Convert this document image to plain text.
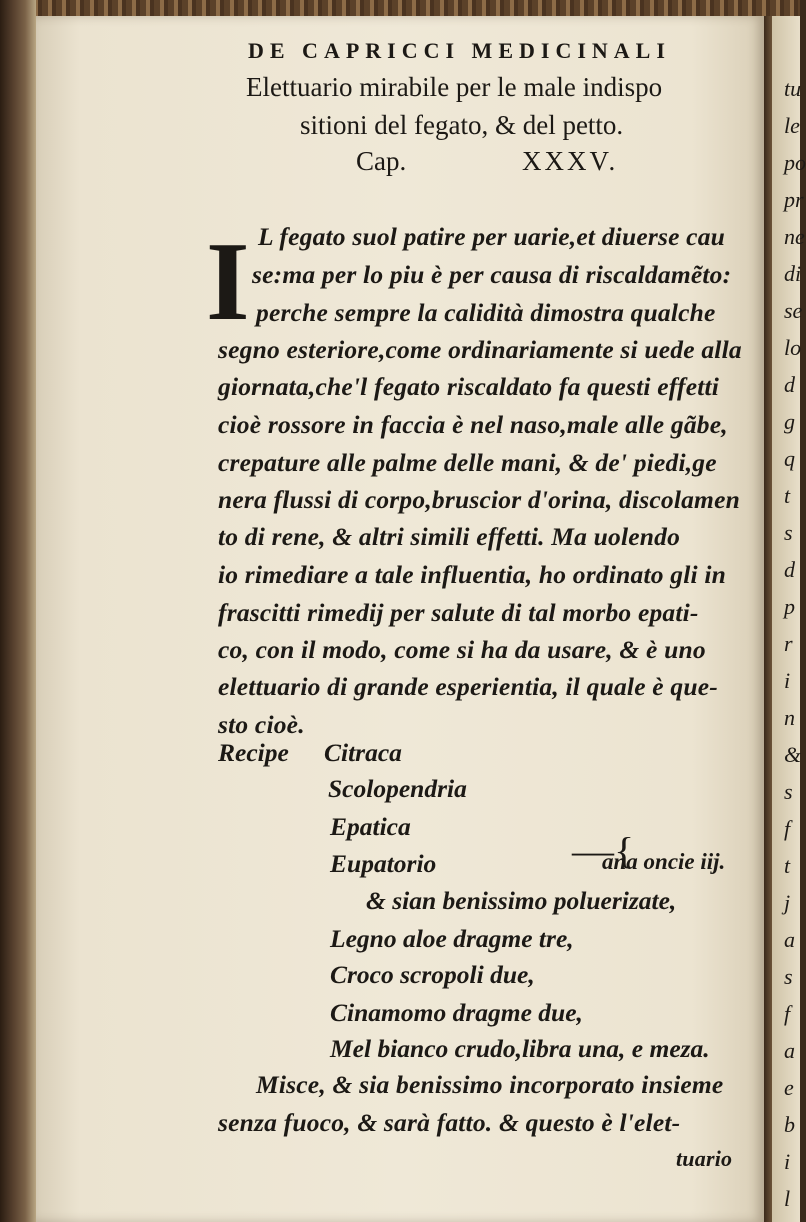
tu
le
po
pr
ne
di
se
lo
d
g
q
t
s
d
p
r
i
n
&
s
f
t
j
a
s
f
a
e
b
i
l
DE CAPRICCI MEDICINALI
Elettuario mirabile per le male indispo
sitioni del fegato, & del petto.
Cap.	XXXV.
I L fegato suol patire per uarie,et diuerse cau
se:ma per lo piu è per causa di riscaldamẽto:
perche sempre la calidità dimostra qualche
segno esteriore,come ordinariamente si uede alla
giornata,che'l fegato riscaldato fa questi effetti
cioè rossore in faccia è nel naso,male alle gãbe,
crepature alle palme delle mani, & de' piedi,ge
nera flussi di corpo,bruscior d'orina, discolamen
to di rene, & altri simili effetti. Ma uolendo
io rimediare a tale influentia, ho ordinato gli in
frascitti rimedij per salute di tal morbo epati-
co, con il modo, come si ha da usare, & è uno
elettuario di grande esperientia, il quale è que-
sto cioè.
Recipe Citraca
Scolopendria
Epatica
Eupatorio	—{
ana oncie iij.
& sian benissimo poluerizate,
Legno aloe dragme tre,
Croco scropoli due,
Cinamomo dragme due,
Mel bianco crudo,libra una, e meza.
Misce, & sia benissimo incorporato insieme
senza fuoco, & sarà fatto. & questo è l'elet-
tuario
